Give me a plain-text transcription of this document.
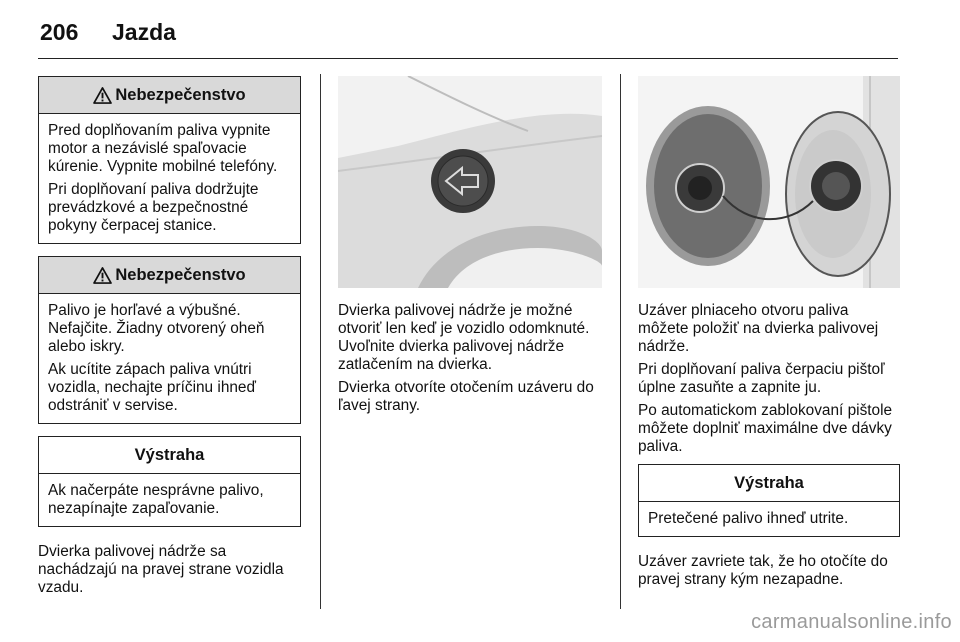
206	Jazda
Nebezpečenstvo

Pred doplňovaním paliva vypnite motor a nezávislé spaľovacie kúrenie. Vypnite mobilné telefóny.

Pri doplňovaní paliva dodržujte prevádzkové a bezpečnostné pokyny čerpacej stanice.

Nebezpečenstvo

Palivo je horľavé a výbušné. Nefajčite. Žiadny otvorený oheň alebo iskry.

Ak ucítite zápach paliva vnútri vozidla, nechajte príčinu ihneď odstrániť v servise.

Výstraha

Ak načerpáte nesprávne palivo, nezapínajte zapaľovanie.

Dvierka palivovej nádrže sa nachádzajú na pravej strane vozidla vzadu.

Dvierka palivovej nádrže je možné otvoriť len keď je vozidlo odomknuté. Uvoľnite dvierka palivovej nádrže zatlačením na dvierka.

Dvierka otvoríte otočením uzáveru do ľavej strany.

Uzáver plniaceho otvoru paliva môžete položiť na dvierka palivovej nádrže.

Pri doplňovaní paliva čerpaciu pištoľ úplne zasuňte a zapnite ju.

Po automatickom zablokovaní pištole môžete doplniť maximálne dve dávky paliva.

Výstraha

Pretečené palivo ihneď utrite.

Uzáver zavriete tak, že ho otočíte do pravej strany kým nezapadne.

carmanualsonline.info
